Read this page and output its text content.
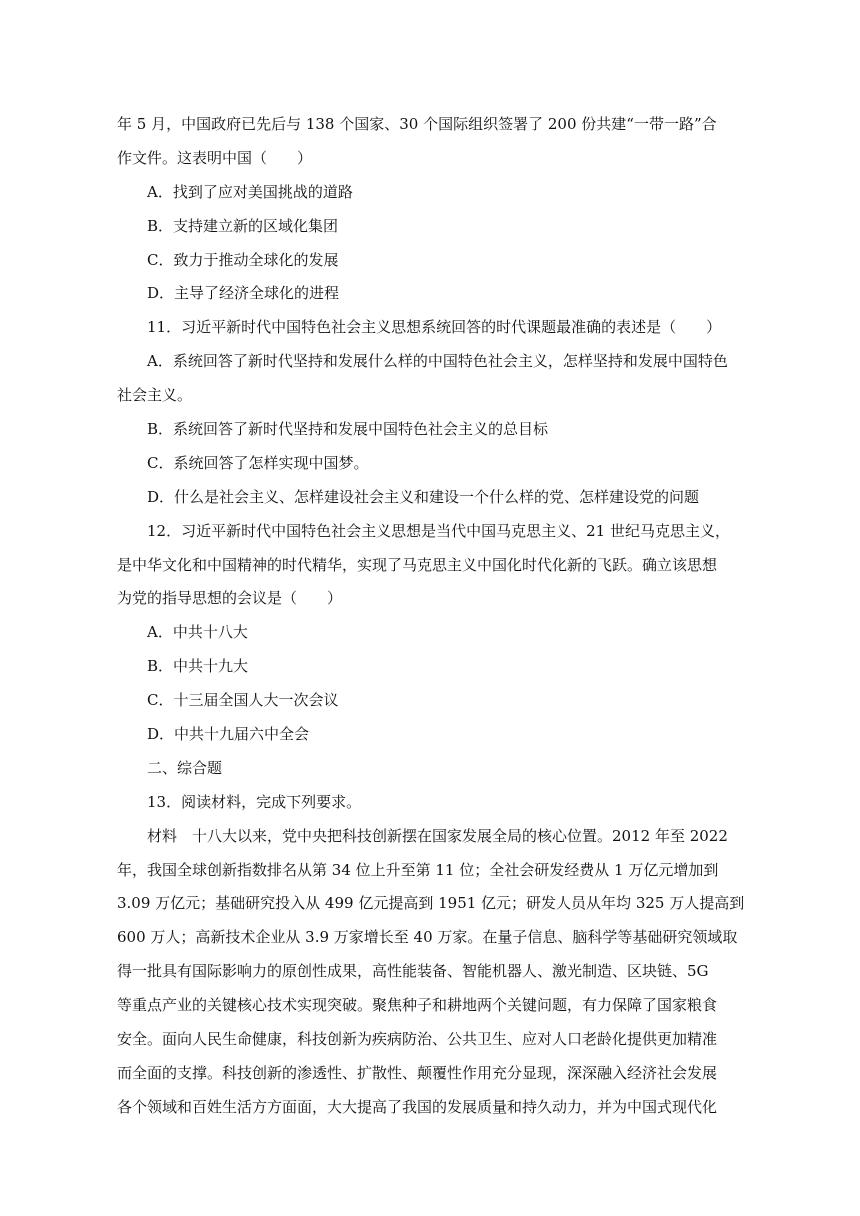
年 5 月，中国政府已先后与 138 个国家、30 个国际组织签署了 200 份共建“一带一路”合
作文件。这表明中国（　　）
A．找到了应对美国挑战的道路
B．支持建立新的区域化集团
C．致力于推动全球化的发展
D．主导了经济全球化的进程
11．习近平新时代中国特色社会主义思想系统回答的时代课题最准确的表述是（　　）
A．系统回答了新时代坚持和发展什么样的中国特色社会主义，怎样坚持和发展中国特色
社会主义。
B．系统回答了新时代坚持和发展中国特色社会主义的总目标
C．系统回答了怎样实现中国梦。
D．什么是社会主义、怎样建设社会主义和建设一个什么样的党、怎样建设党的问题
12．习近平新时代中国特色社会主义思想是当代中国马克思主义、21 世纪马克思主义，
是中华文化和中国精神的时代精华，实现了马克思主义中国化时代化新的飞跃。确立该思想
为党的指导思想的会议是（　　）
A．中共十八大
B．中共十九大
C．十三届全国人大一次会议
D．中共十九届六中全会
二、综合题
13．阅读材料，完成下列要求。
材料　十八大以来，党中央把科技创新摆在国家发展全局的核心位置。2012 年至 2022
年，我国全球创新指数排名从第 34 位上升至第 11 位；全社会研发经费从 1 万亿元增加到
3.09 万亿元；基础研究投入从 499 亿元提高到 1951 亿元；研发人员从年均 325 万人提高到
600 万人；高新技术企业从 3.9 万家增长至 40 万家。在量子信息、脑科学等基础研究领域取
得一批具有国际影响力的原创性成果，高性能装备、智能机器人、激光制造、区块链、5G
等重点产业的关键核心技术实现突破。聚焦种子和耕地两个关键问题，有力保障了国家粮食
安全。面向人民生命健康，科技创新为疾病防治、公共卫生、应对人口老龄化提供更加精准
而全面的支撑。科技创新的渗透性、扩散性、颠覆性作用充分显现，深深融入经济社会发展
各个领域和百姓生活方方面面，大大提高了我国的发展质量和持久动力，并为中国式现代化
